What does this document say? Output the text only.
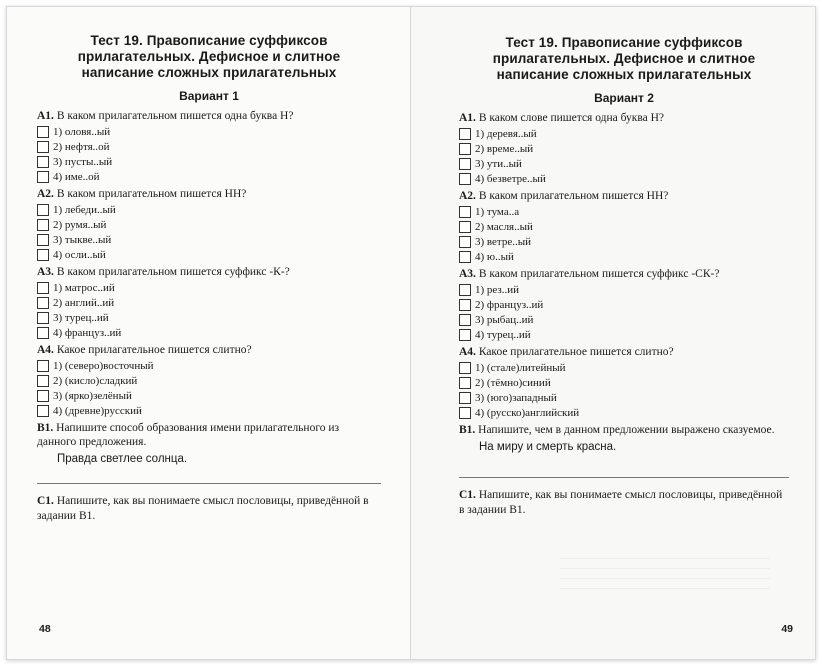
Тест 19. Правописание суффиксов
прилагательных. Дефисное и слитное
написание сложных прилагательных
Вариант 1
A1. В каком прилагательном пишется одна буква Н?
1) оловя..ый
2) нефтя..ой
3) пусты..ый
4) име..ой
A2. В каком прилагательном пишется НН?
1) лебеди..ый
2) румя..ый
3) тыкве..ый
4) осли..ый
A3. В каком прилагательном пишется суффикс -К-?
1) матрос..ий
2) англий..ий
3) турец..ий
4) француз..ий
A4. Какое прилагательное пишется слитно?
1) (северо)восточный
2) (кисло)сладкий
3) (ярко)зелёный
4) (древне)русский
B1. Напишите способ образования имени прилагательного из данного предложения.
Правда светлее солнца.
C1. Напишите, как вы понимаете смысл пословицы, приведённой в задании В1.
48
Тест 19. Правописание суффиксов
прилагательных. Дефисное и слитное
написание сложных прилагательных
Вариант 2
A1. В каком слове пишется одна буква Н?
1) деревя..ый
2) време..ый
3) ути..ый
4) безветре..ый
A2. В каком прилагательном пишется НН?
1) тума..а
2) масля..ый
3) ветре..ый
4) ю..ый
A3. В каком прилагательном пишется суффикс -СК-?
1) рез..ий
2) француз..ий
3) рыбац..ий
4) турец..ий
A4. Какое прилагательное пишется слитно?
1) (стале)литейный
2) (тёмно)синий
3) (юго)западный
4) (русско)английский
B1. Напишите, чем в данном предложении выражено сказуемое.
На миру и смерть красна.
C1. Напишите, как вы понимаете смысл пословицы, приведённой в задании В1.
49
